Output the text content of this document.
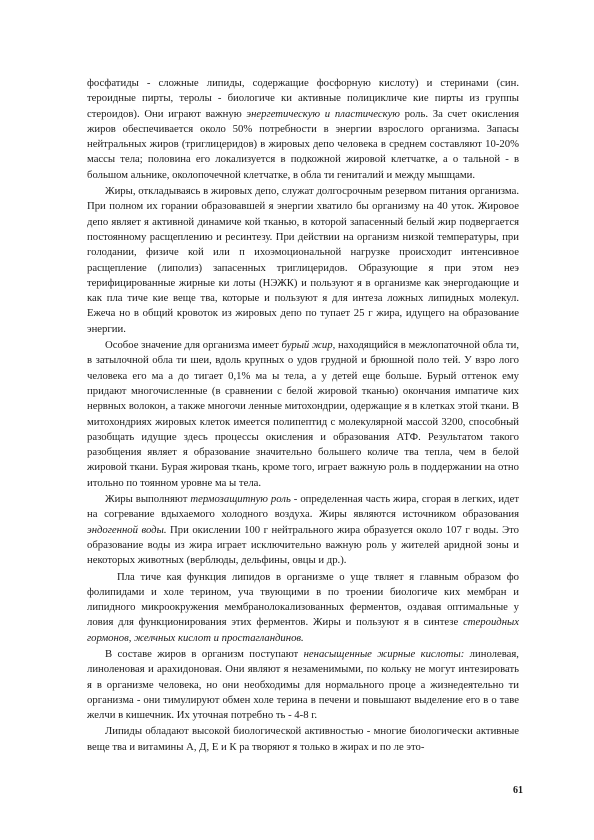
фосфатиды - сложные липиды, содержащие фосфорную кислоту) и стеринами (син. тероидные пирты, теролы - биологиче ки активные полицикличе кие пирты из группы стероидов). Они играют важную энергетическую и пластическую роль. За счет окисления жиров обеспечивается около 50% потребности в энергии взрослого организма. Запасы нейтральных жиров (триглицеридов) в жировых депо человека в среднем составляют 10-20% массы тела; половина его локализуется в подкожной жировой клетчатке, а о тальной - в большом альнике, околопочечной клетчатке, в обла ти гениталий и между мышцами.

Жиры, откладываясь в жировых депо, служат долгосрочным резервом питания организма. При полном их горании образовавшей я энергии хватило бы организму на 40 уток. Жировое депо являет я активной динамиче кой тканью, в которой запасенный белый жир подвергается постоянному расщеплению и ресинтезу. При действии на организм низкой температуры, при голодании, физиче кой или п ихоэмоциональной нагрузке происходит интенсивное расщепление (липолиз) запасенных триглицеридов. Образующие я при этом неэ терифицированные жирные ки лоты (НЭЖК) и пользуют я в организме как энергодающие и как пла тиче кие веще тва, которые и пользуют я для интеза ложных липидных молекул. Ежеча но в общий кровоток из жировых депо по тупает 25 г жира, идущего на образование энергии.

Особое значение для организма имеет бурый жир, находящийся в межлопаточной обла ти, в затылочной обла ти шеи, вдоль крупных о удов грудной и брюшной поло тей. У взро лого человека его ма а до тигает 0,1% ма ы тела, а у детей еще больше. Бурый оттенок ему придают многочисленные (в сравнении с белой жировой тканью) окончания импатиче ких нервных волокон, а также многочи ленные митохондрии, одержащие я в клетках этой ткани. В митохондриях жировых клеток имеется полипептид с молекулярной массой 3200, способный разобщать идущие здесь процессы окисления и образования АТФ. Результатом такого разобщения являет я образование значительно большего количе тва тепла, чем в белой жировой ткани. Бурая жировая ткань, кроме того, играет важную роль в поддержании на отно итольно по тоянном уровне ма ы тела.

Жиры выполняют термозащитную роль - определенная часть жира, сгорая в легких, идет на согревание вдыхаемого холодного воздуха. Жиры являются источником образования эндогенной воды. При окислении 100 г нейтрального жира образуется около 107 г воды. Это образование воды из жира играет исключительно важную роль у жителей аридной зоны и некоторых животных (верблюды, дельфины, овцы и др.).

Пла тиче кая функция липидов в организме о уще твляет я главным образом фо фолипидами и холе терином, уча твующими в по троении биологиче ких мембран и липидного микроокружения мембранолокализованных ферментов, оздавая оптимальные у ловия для функционирования этих ферментов. Жиры и пользуют я в синтезе стероидных гормонов, желчных кислот и простагландинов.

В составе жиров в организм поступают ненасыщенные жирные кислоты: линолевая, линоленовая и арахидоновая. Они являют я незаменимыми, по кольку не могут интезировать я в организме человека, но они необходимы для нормального проце а жизнедеятельно ти организма - они тимулируют обмен холе терина в печени и повышают выделение его в о таве желчи в кишечник. Их уточная потребно ть - 4-8 г.

Липиды обладают высокой биологической активностью - многие биологически активные веще тва и витамины А, Д, Е и К ра творяют я только в жирах и по ле это-

61
